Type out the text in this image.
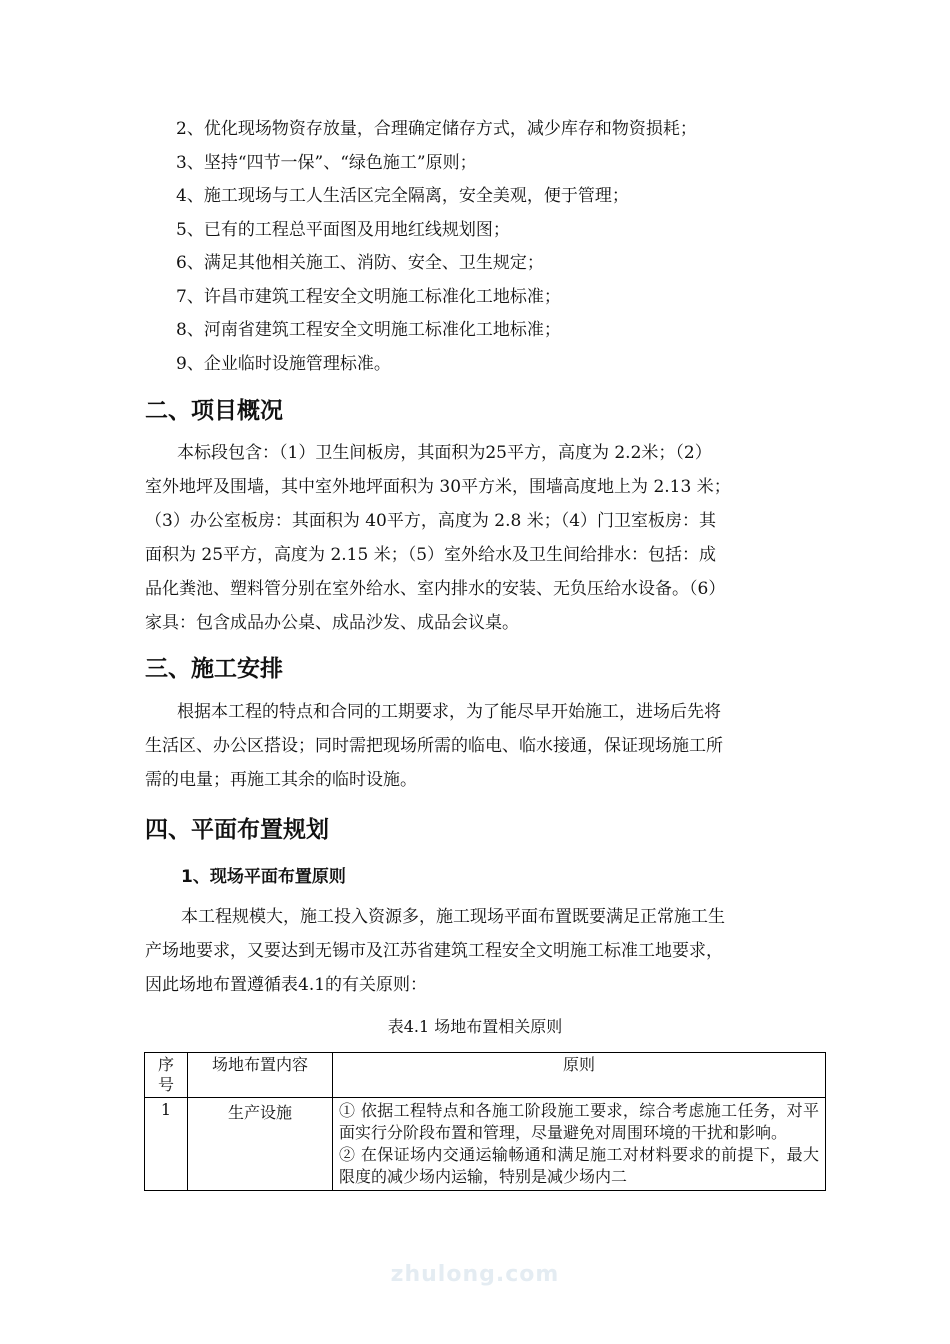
2、优化现场物资存放量，合理确定储存方式，减少库存和物资损耗；
3、坚持“四节一保”、“绿色施工”原则；
4、施工现场与工人生活区完全隔离，安全美观，便于管理；
5、已有的工程总平面图及用地红线规划图；
6、满足其他相关施工、消防、安全、卫生规定；
7、许昌市建筑工程安全文明施工标准化工地标准；
8、河南省建筑工程安全文明施工标准化工地标准；
9、企业临时设施管理标准。
二、项目概况

本标段包含：（1）卫生间板房，其面积为25平方，高度为 2.2米；（2）

室外地坪及围墙，其中室外地坪面积为 30平方米，围墙高度地上为 2.13 米；

（3）办公室板房：其面积为 40平方，高度为 2.8 米；（4）门卫室板房：其

面积为 25平方，高度为 2.15 米；（5）室外给水及卫生间给排水：包括：成

品化粪池、塑料管分别在室外给水、室内排水的安装、无负压给水设备。（6）

家具：包含成品办公桌、成品沙发、成品会议桌。

三、施工安排

根据本工程的特点和合同的工期要求，为了能尽早开始施工，进场后先将

生活区、办公区搭设；同时需把现场所需的临电、临水接通，保证现场施工所

需的电量；再施工其余的临时设施。

四、平面布置规划
1、现场平面布置原则

本工程规模大，施工投入资源多，施工现场平面布置既要满足正常施工生

产场地要求，又要达到无锡市及江苏省建筑工程安全文明施工标准工地要求，

因此场地布置遵循表4.1的有关原则：

表4.1 场地布置相关原则
序号	场地布置内容	原则
1	生产设施	① 依据工程特点和各施工阶段施工要求，综合考虑施工任务，对平面实行分阶段布置和管理，尽量避免对周围环境的干扰和影响。
② 在保证场内交通运输畅通和满足施工对材料要求的前提下，最大限度的减少场内运输，特别是减少场内二
zhulong.com
